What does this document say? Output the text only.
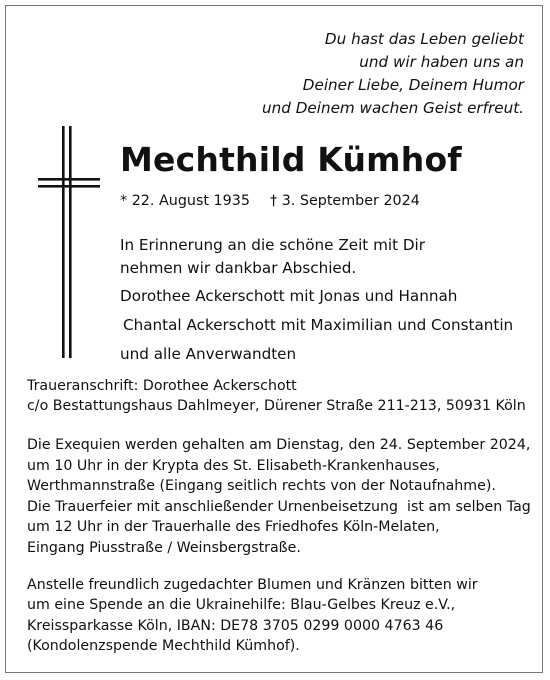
Du hast das Leben geliebt
und wir haben uns an
Deiner Liebe, Deinem Humor
und Deinem wachen Geist erfreut.
Mechthild Kümhof
* 22. August 1935 † 3. September 2024
In Erinnerung an die schöne Zeit mit Dir
nehmen wir dankbar Abschied.
Dorothee Ackerschott mit Jonas und Hannah
Chantal Ackerschott mit Maximilian und Constantin
und alle Anverwandten
Traueranschrift: Dorothee Ackerschott
c/o Bestattungshaus Dahlmeyer, Dürener Straße 211-213, 50931 Köln
Die Exequien werden gehalten am Dienstag, den 24. September 2024,
um 10 Uhr in der Krypta des St. Elisabeth-Krankenhauses,
Werthmannstraße (Eingang seitlich rechts von der Notaufnahme).
Die Trauerfeier mit anschließender Urnenbeisetzung  ist am selben Tag
um 12 Uhr in der Trauerhalle des Friedhofes Köln-Melaten,
Eingang Piusstraße / Weinsbergstraße.
Anstelle freundlich zugedachter Blumen und Kränzen bitten wir
um eine Spende an die Ukrainehilfe: Blau-Gelbes Kreuz e.V.,
Kreissparkasse Köln, IBAN: DE78 3705 0299 0000 4763 46
(Kondolenzspende Mechthild Kümhof).
